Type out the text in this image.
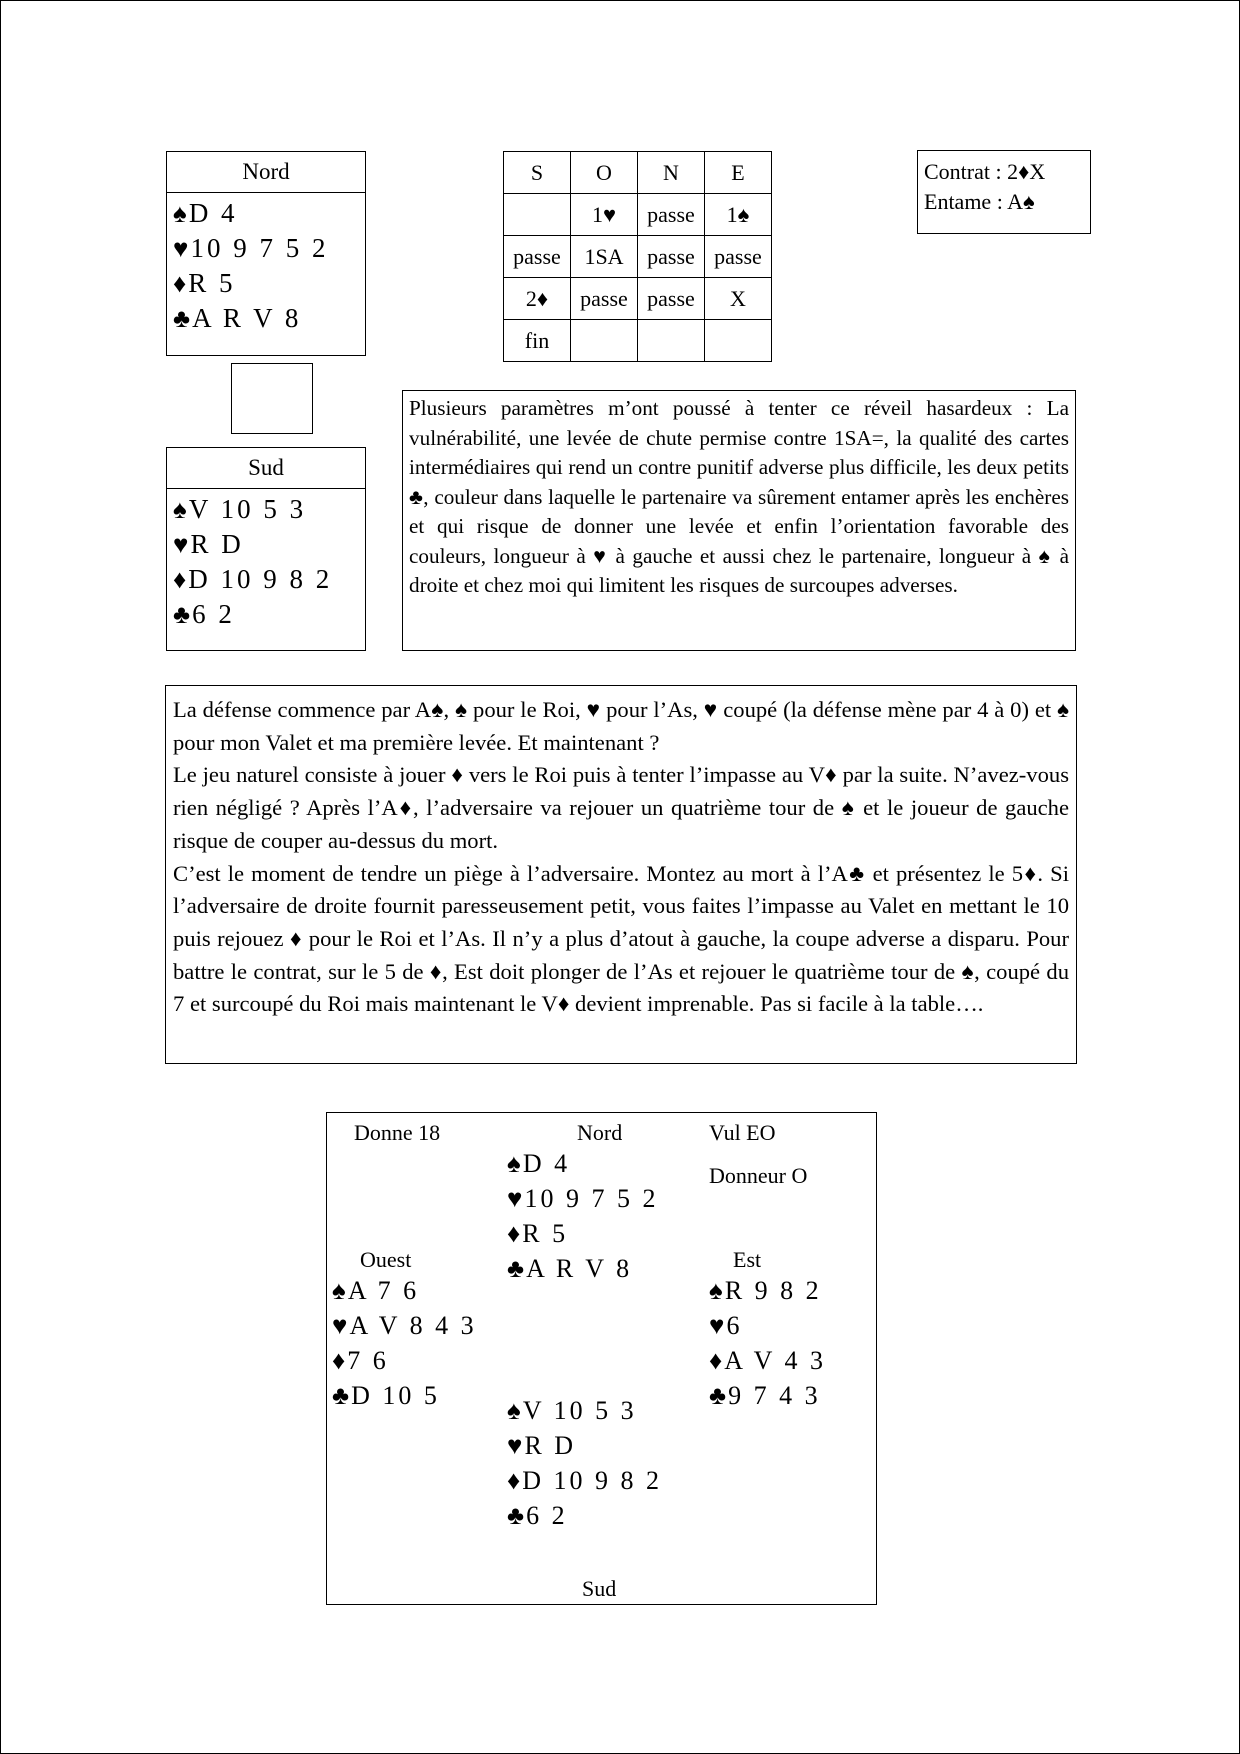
Nord
♠D 4
♥10 9 7 5 2
♦R 5
♣A R V 8
Sud
♠V 10 5 3
♥R D
♦D 10 9 8 2
♣6 2
S	O	N	E
	1♥	passe	1♠
passe	1SA	passe	passe
2♦	passe	passe	X
fin			
Contrat : 2♦X
Entame : A♠
Plusieurs paramètres m’ont poussé à tenter ce réveil hasardeux : La vulnérabilité, une levée de chute permise contre 1SA=, la qualité des cartes intermédiaires qui rend un contre punitif adverse plus difficile, les deux petits ♣, couleur dans laquelle le partenaire va sûrement entamer après les enchères et qui risque de donner une levée et enfin l’orientation favorable des couleurs, longueur à ♥ à gauche et aussi chez le partenaire, longueur à ♠ à droite et chez moi qui limitent les risques de surcoupes adverses.
La défense commence par A♠, ♠ pour le Roi, ♥ pour l’As, ♥ coupé (la défense mène par 4 à 0) et ♠ pour mon Valet et ma première levée. Et maintenant ?
Le jeu naturel consiste à jouer ♦ vers le Roi puis à tenter l’impasse au V♦ par la suite. N’avez-vous rien négligé ? Après l’A♦, l’adversaire va rejouer un quatrième tour de ♠ et le joueur de gauche risque de couper au-dessus du mort.
C’est le moment de tendre un piège à l’adversaire. Montez au mort à l’A♣ et présentez le 5♦. Si l’adversaire de droite fournit paresseusement petit, vous faites l’impasse au Valet en mettant le 10 puis rejouez ♦ pour le Roi et l’As. Il n’y a plus d’atout à gauche, la coupe adverse a disparu. Pour battre le contrat, sur le 5 de ♦, Est doit plonger de l’As et rejouer le quatrième tour de ♠, coupé du 7 et surcoupé du Roi mais maintenant le V♦ devient imprenable. Pas si facile à la table….
Donne 18	Nord	Vul EO
Donneur O
Ouest	Est
Sud
♠D 4
♥10 9 7 5 2
♦R 5
♣A R V 8
♠A 7 6
♥A V 8 4 3
♦7 6
♣D 10 5
♠R 9 8 2
♥6
♦A V 4 3
♣9 7 4 3
♠V 10 5 3
♥R D
♦D 10 9 8 2
♣6 2
